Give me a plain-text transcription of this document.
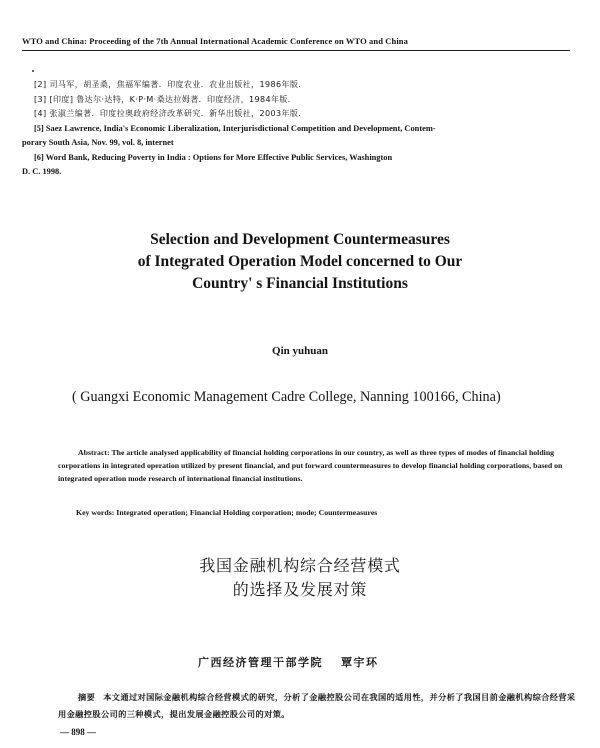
WTO and China: Proceeding of the 7th Annual International Academic Conference on WTO and China

[2] 司马军，胡圣桑，焦福军编著．印度农业．农业出版社，1986年版．

[3] [印度] 鲁达尔·达特，K·P·M·桑达拉姆著．印度经济，1984年版．

[4] 张淑兰编著．印度拉奥政府经济改革研究．新华出版社，2003年版．

[5] Saez Lawrence, India's Economic Liberalization, Interjurisdictional Competition and Development, Contem-

porary South Asia, Nov. 99, vol. 8, internet

[6] Word Bank, Reducing Poverty in India : Options for More Effective Public Services, Washington

D. C. 1998.

Selection and Development Countermeasures
of Integrated Operation Model concerned to Our
Country' s Financial Institutions
Qin yuhuan
( Guangxi Economic Management Cadre College, Nanning 100166, China)
Abstract: The article analysed applicability of financial holding corporations in our country, as well as three types of modes of financial holding corporations in integrated operation utilized by present financial, and put forward countermeasures to develop financial holding corporations, based on integrated operation mode research of international financial institutions.
Key words: Integrated operation; Financial Holding corporation; mode; Countermeasures
我国金融机构综合经营模式
的选择及发展对策
广西经济管理干部学院 覃宇环
摘要 本文通过对国际金融机构综合经营模式的研究，分析了金融控股公司在我国的适用性，并分析了我国目前金融机构综合经营采用金融控股公司的三种模式，提出发展金融控股公司的对策。
— 898 —
